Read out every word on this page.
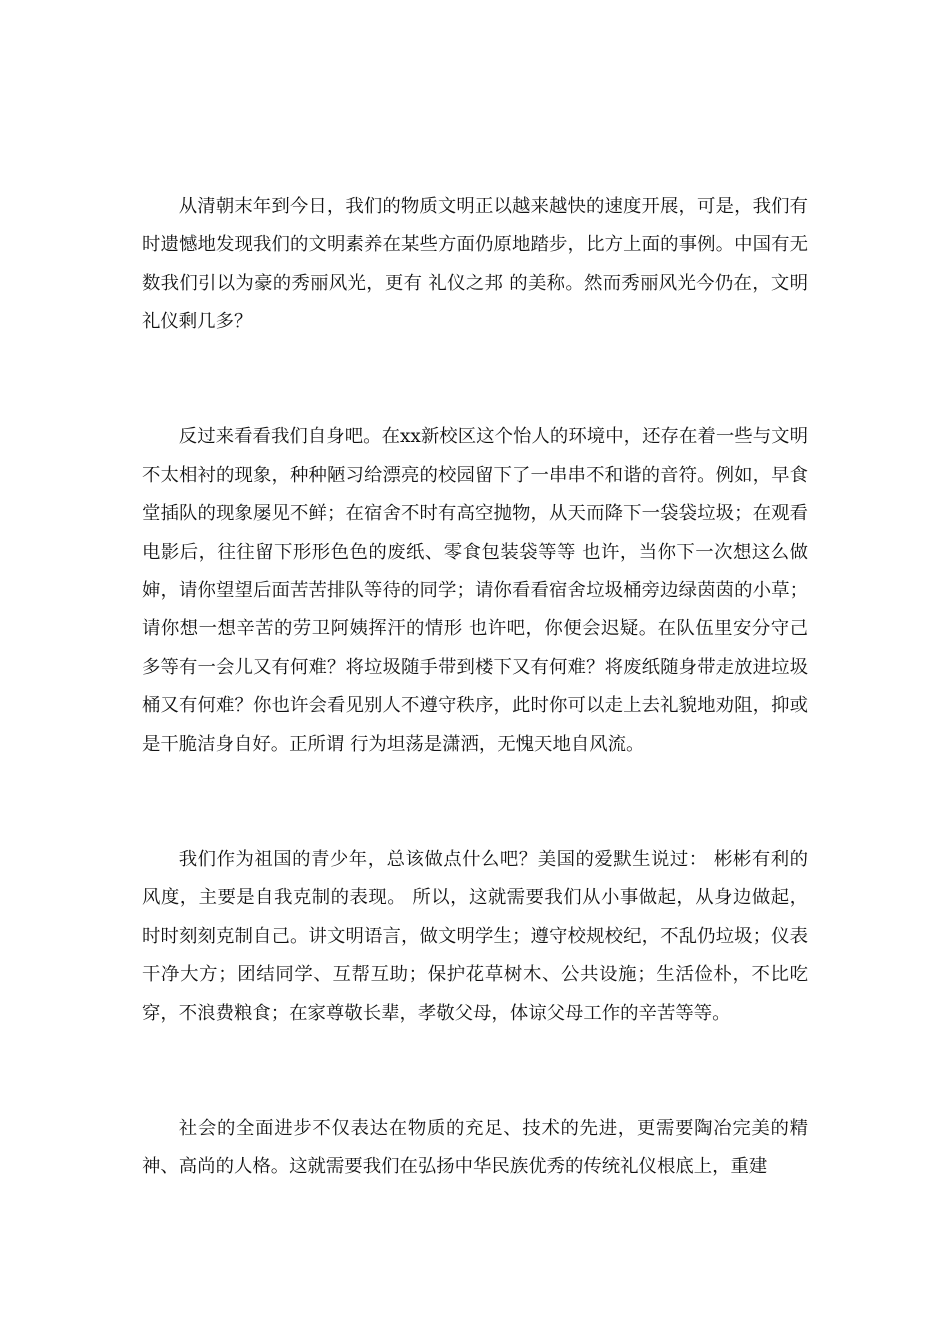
从清朝末年到今日，我们的物质文明正以越来越快的速度开展，可是，我们有时遗憾地发现我们的文明素养在某些方面仍原地踏步，比方上面的事例。中国有无数我们引以为豪的秀丽风光，更有 礼仪之邦 的美称。然而秀丽风光今仍在，文明礼仪剩几多？

反过来看看我们自身吧。在xx新校区这个怡人的环境中，还存在着一些与文明不太相衬的现象，种种陋习给漂亮的校园留下了一串串不和谐的音符。例如，早食堂插队的现象屡见不鲜；在宿舍不时有高空抛物，从天而降下一袋袋垃圾；在观看电影后，往往留下形形色色的废纸、零食包装袋等等 也许，当你下一次想这么做婶，请你望望后面苦苦排队等待的同学；请你看看宿舍垃圾桶旁边绿茵茵的小草；请你想一想辛苦的劳卫阿姨挥汗的情形 也许吧，你便会迟疑。在队伍里安分守己多等有一会儿又有何难？将垃圾随手带到楼下又有何难？将废纸随身带走放进垃圾桶又有何难？你也许会看见别人不遵守秩序，此时你可以走上去礼貌地劝阻，抑或是干脆洁身自好。正所谓 行为坦荡是潇洒，无愧天地自风流。

我们作为祖国的青少年，总该做点什么吧？美国的爱默生说过： 彬彬有利的风度，主要是自我克制的表现。 所以，这就需要我们从小事做起，从身边做起，时时刻刻克制自己。讲文明语言，做文明学生；遵守校规校纪，不乱仍垃圾；仪表干净大方；团结同学、互帮互助；保护花草树木、公共设施；生活俭朴，不比吃穿，不浪费粮食；在家尊敬长辈，孝敬父母，体谅父母工作的辛苦等等。

社会的全面进步不仅表达在物质的充足、技术的先进，更需要陶冶完美的精神、高尚的人格。这就需要我们在弘扬中华民族优秀的传统礼仪根底上，重建
